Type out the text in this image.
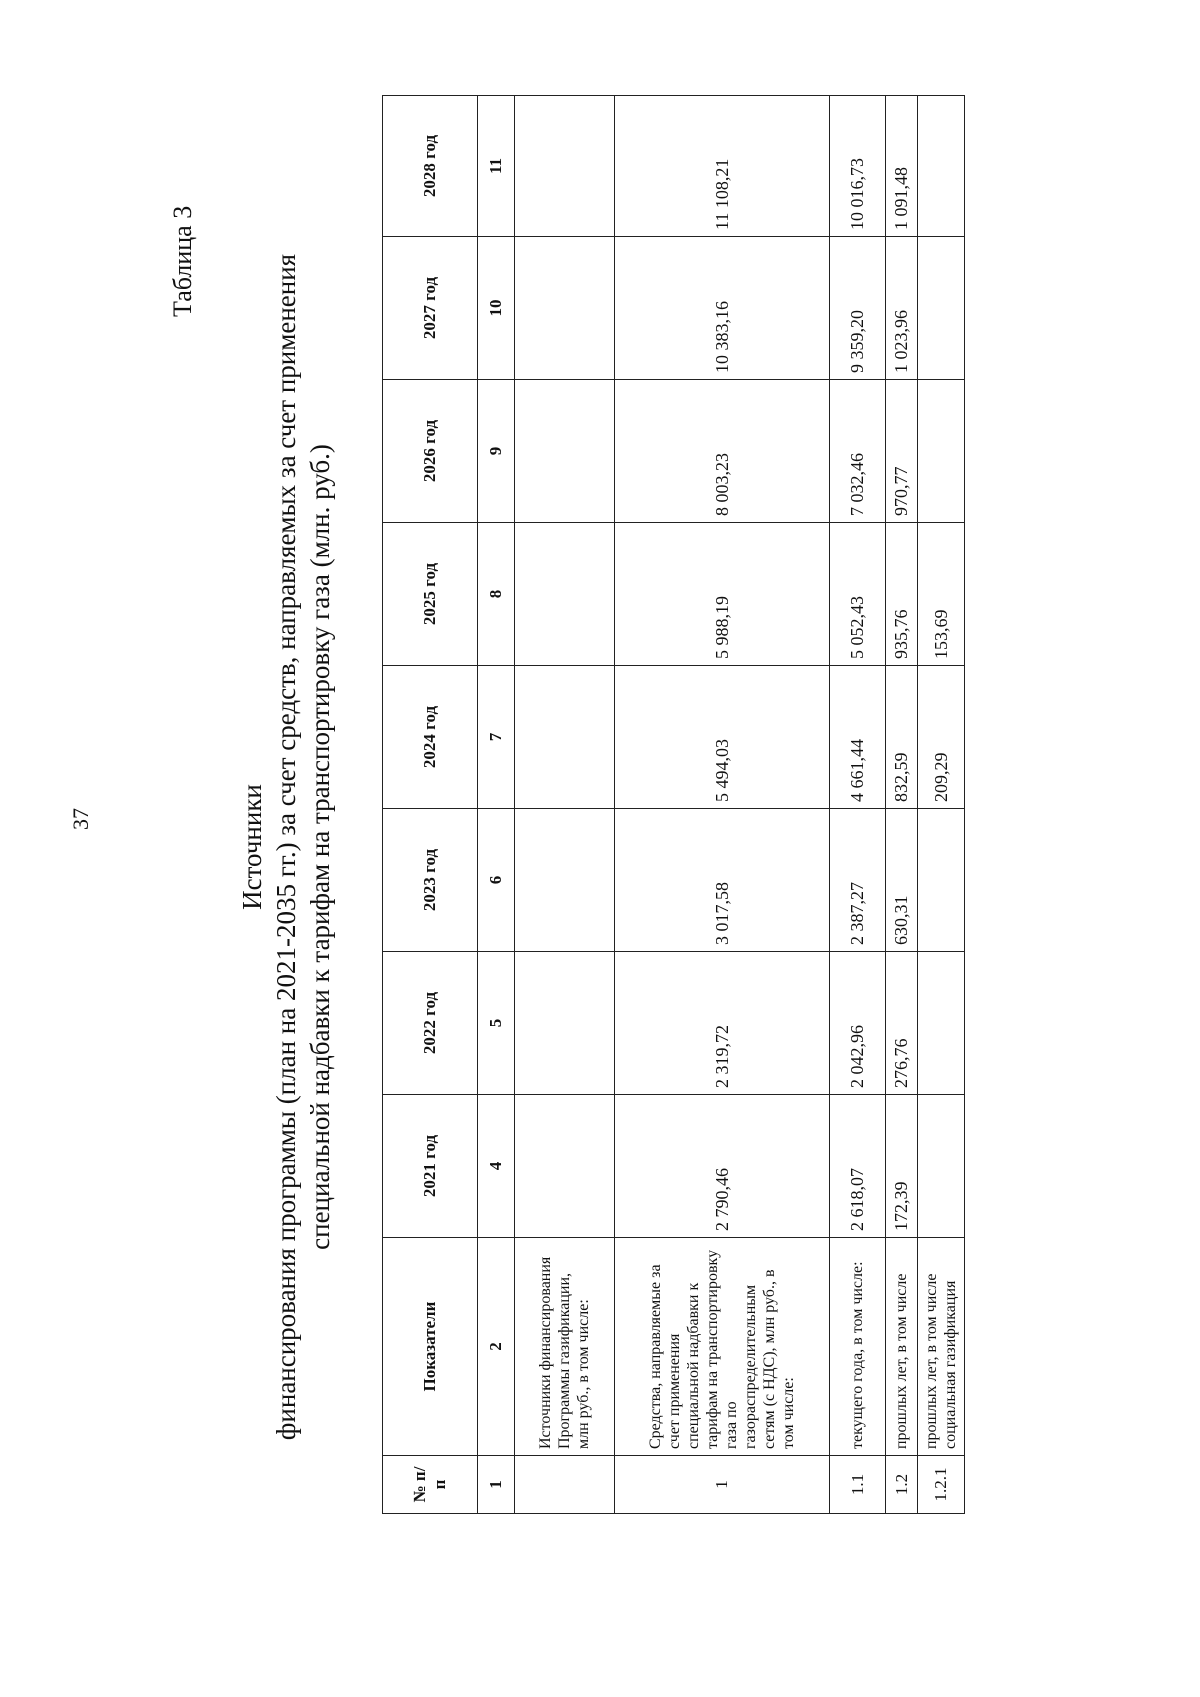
37
Таблица 3
Источники финансирования программы (план на 2021-2035 гг.) за счет средств, направляемых за счет применения специальной надбавки к тарифам на транспортировку газа (млн. руб.)
№ п/п	Показатели	2021 год	2022 год	2023 год	2024 год	2025 год	2026 год	2027 год	2028 год
1	2	4	5	6	7	8	9	10	11
	Источники финансирования Программы газификации, млн руб., в том числе:								
1	Средства, направляемые за счет применения специальной надбавки к тарифам на транспортировку газа по газораспределительным сетям (с НДС), млн руб., в том числе:	2 790,46	2 319,72	3 017,58	5 494,03	5 988,19	8 003,23	10 383,16	11 108,21
1.1	текущего года, в том числе:	2 618,07	2 042,96	2 387,27	4 661,44	5 052,43	7 032,46	9 359,20	10 016,73
1.2	прошлых лет, в том числе	172,39	276,76	630,31	832,59	935,76	970,77	1 023,96	1 091,48
1.2.1	прошлых лет, в том числе социальная газификация				209,29	153,69			
